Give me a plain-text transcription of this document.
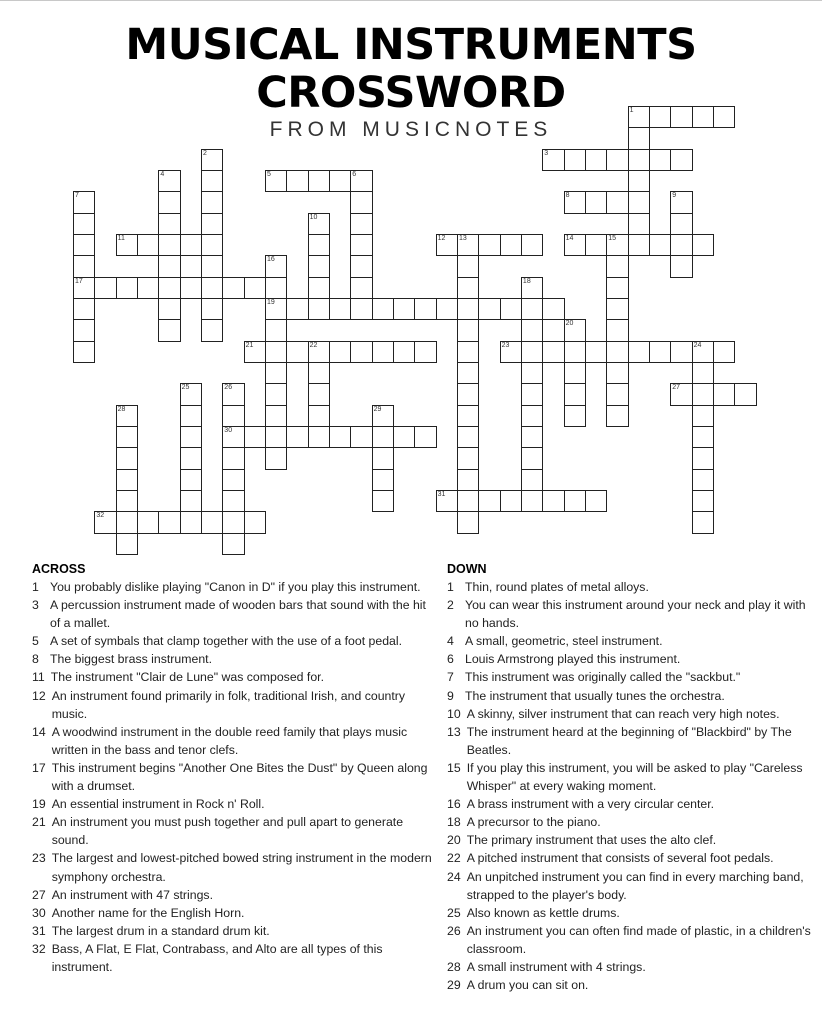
MUSICAL INSTRUMENTS
CROSSWORD
FROM MUSICNOTES
1
3
5	6
8
11	12 13	14	15
17
19
21	22	23	24
27
30
31
32
2
4
7	9
10
16
18
20
25	26
28	29
ACROSS
1 You probably dislike playing "Canon in D" if you play this instrument.
3 A percussion instrument made of wooden bars that sound with the hit of a mallet.
5 A set of symbals that clamp together with the use of a foot pedal.
8 The biggest brass instrument.
11 The instrument "Clair de Lune" was composed for.
12 An instrument found primarily in folk, traditional Irish, and country music.
14 A woodwind instrument in the double reed family that plays music written in the bass and tenor clefs.
17 This instrument begins "Another One Bites the Dust" by Queen along with a drumset.
19 An essential instrument in Rock n' Roll.
21 An instrument you must push together and pull apart to generate sound.
23 The largest and lowest-pitched bowed string instrument in the modern symphony orchestra.
27 An instrument with 47 strings.
30 Another name for the English Horn.
31 The largest drum in a standard drum kit.
32 Bass, A Flat, E Flat, Contrabass, and Alto are all types of this instrument.
DOWN
1 Thin, round plates of metal alloys.
2 You can wear this instrument around your neck and play it with no hands.
4 A small, geometric, steel instrument.
6 Louis Armstrong played this instrument.
7 This instrument was originally called the "sackbut."
9 The instrument that usually tunes the orchestra.
10 A skinny, silver instrument that can reach very high notes.
13 The instrument heard at the beginning of "Blackbird" by The Beatles.
15 If you play this instrument, you will be asked to play "Careless Whisper" at every waking moment.
16 A brass instrument with a very circular center.
18 A precursor to the piano.
20 The primary instrument that uses the alto clef.
22 A pitched instrument that consists of several foot pedals.
24 An unpitched instrument you can find in every marching band, strapped to the player's body.
25 Also known as kettle drums.
26 An instrument you can often find made of plastic, in a children's classroom.
28 A small instrument with 4 strings.
29 A drum you can sit on.
